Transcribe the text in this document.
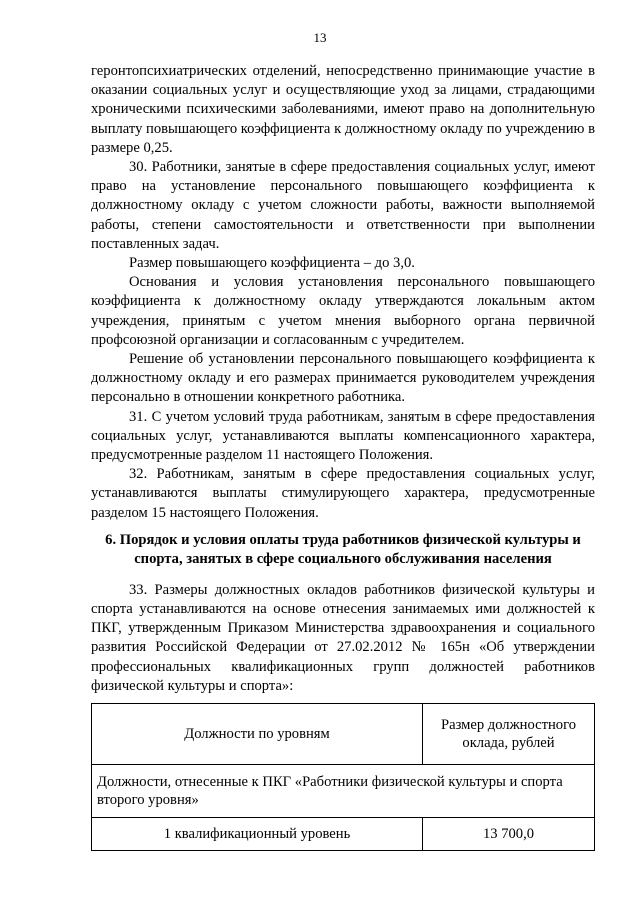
13

геронтопсихиатрических отделений, непосредственно принимающие участие в оказании социальных услуг и осуществляющие уход за лицами, страдающими хроническими психическими заболеваниями, имеют право на дополнительную выплату повышающего коэффициента к должностному окладу по учреждению в размере 0,25.

30. Работники, занятые в сфере предоставления социальных услуг, имеют право на установление персонального повышающего коэффициента к должностному окладу с учетом сложности работы, важности выполняемой работы, степени самостоятельности и ответственности при выполнении поставленных задач.

Размер повышающего коэффициента – до 3,0.

Основания и условия установления персонального повышающего коэффициента к должностному окладу утверждаются локальным актом учреждения, принятым с учетом мнения выборного органа первичной профсоюзной организации и согласованным с учредителем.

Решение об установлении персонального повышающего коэффициента к должностному окладу и его размерах принимается руководителем учреждения персонально в отношении конкретного работника.

31. С учетом условий труда работникам, занятым в сфере предоставления социальных услуг, устанавливаются выплаты компенсационного характера, предусмотренные разделом 11 настоящего Положения.

32. Работникам, занятым в сфере предоставления социальных услуг, устанавливаются выплаты стимулирующего характера, предусмотренные разделом 15 настоящего Положения.

6. Порядок и условия оплаты труда работников физической культуры и спорта, занятых в сфере социального обслуживания населения

33. Размеры должностных окладов работников физической культуры и спорта устанавливаются на основе отнесения занимаемых ими должностей к ПКГ, утвержденным Приказом Министерства здравоохранения и социального развития Российской Федерации от 27.02.2012 № 165н «Об утверждении профессиональных квалификационных групп должностей работников физической культуры и спорта»:

Должности по уровням	Размер должностного оклада, рублей
Должности, отнесенные к ПКГ «Работники физической культуры и спорта второго уровня»	
1 квалификационный уровень	13 700,0
